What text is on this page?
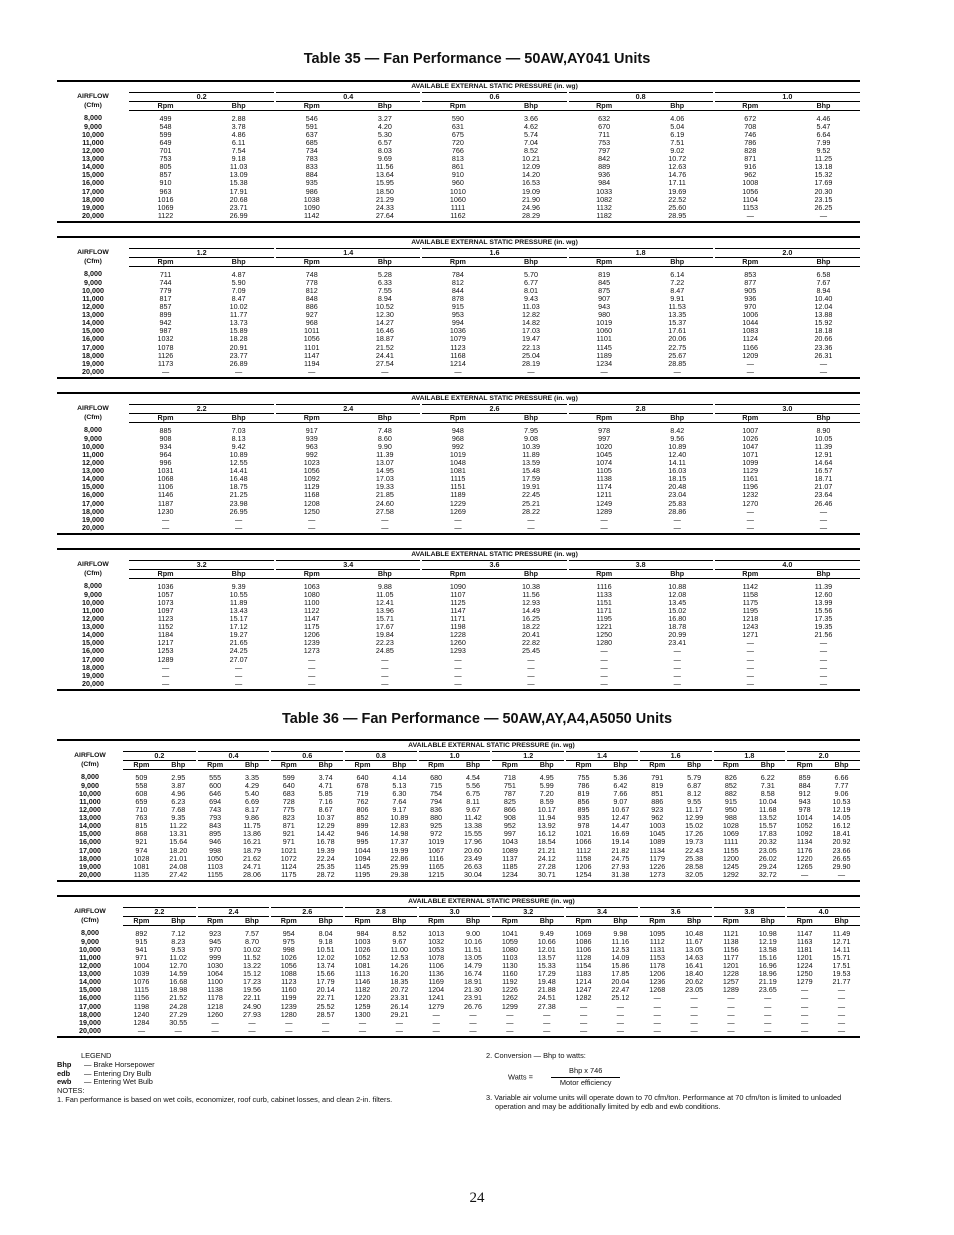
Table 35 — Fan Performance — 50AW,AY041 Units
AIRFLOW
(Cfm)	AVAILABLE EXTERNAL STATIC PRESSURE (in. wg)									
	0.2		0.4		0.6		0.8		1.0	
	Rpm	Bhp	Rpm	Bhp	Rpm	Bhp	Rpm	Bhp	Rpm	Bhp
8,000	499	2.88	546	3.27	590	3.66	632	4.06	672	4.46
9,000	548	3.78	591	4.20	631	4.62	670	5.04	708	5.47
10,000	599	4.86	637	5.30	675	5.74	711	6.19	746	6.64
11,000	649	6.11	685	6.57	720	7.04	753	7.51	786	7.99
12,000	701	7.54	734	8.03	766	8.52	797	9.02	828	9.52
13,000	753	9.18	783	9.69	813	10.21	842	10.72	871	11.25
14,000	805	11.03	833	11.56	861	12.09	889	12.63	916	13.18
15,000	857	13.09	884	13.64	910	14.20	936	14.76	962	15.32
16,000	910	15.38	935	15.95	960	16.53	984	17.11	1008	17.69
17,000	963	17.91	986	18.50	1010	19.09	1033	19.69	1056	20.30
18,000	1016	20.68	1038	21.29	1060	21.90	1082	22.52	1104	23.15
19,000	1069	23.71	1090	24.33	1111	24.96	1132	25.60	1153	26.25
20,000	1122	26.99	1142	27.64	1162	28.29	1182	28.95	—	—
AIRFLOW
(Cfm)	AVAILABLE EXTERNAL STATIC PRESSURE (in. wg)									
	1.2		1.4		1.6		1.8		2.0	
	Rpm	Bhp	Rpm	Bhp	Rpm	Bhp	Rpm	Bhp	Rpm	Bhp
8,000	711	4.87	748	5.28	784	5.70	819	6.14	853	6.58
9,000	744	5.90	778	6.33	812	6.77	845	7.22	877	7.67
10,000	779	7.09	812	7.55	844	8.01	875	8.47	905	8.94
11,000	817	8.47	848	8.94	878	9.43	907	9.91	936	10.40
12,000	857	10.02	886	10.52	915	11.03	943	11.53	970	12.04
13,000	899	11.77	927	12.30	953	12.82	980	13.35	1006	13.88
14,000	942	13.73	968	14.27	994	14.82	1019	15.37	1044	15.92
15,000	987	15.89	1011	16.46	1036	17.03	1060	17.61	1083	18.18
16,000	1032	18.28	1056	18.87	1079	19.47	1101	20.06	1124	20.66
17,000	1078	20.91	1101	21.52	1123	22.13	1145	22.75	1166	23.36
18,000	1126	23.77	1147	24.41	1168	25.04	1189	25.67	1209	26.31
19,000	1173	26.89	1194	27.54	1214	28.19	1234	28.85	—	—
20,000	—	—	—	—	—	—	—	—	—	—
AIRFLOW
(Cfm)	AVAILABLE EXTERNAL STATIC PRESSURE (in. wg)									
	2.2		2.4		2.6		2.8		3.0	
	Rpm	Bhp	Rpm	Bhp	Rpm	Bhp	Rpm	Bhp	Rpm	Bhp
8,000	885	7.03	917	7.48	948	7.95	978	8.42	1007	8.90
9,000	908	8.13	939	8.60	968	9.08	997	9.56	1026	10.05
10,000	934	9.42	963	9.90	992	10.39	1020	10.89	1047	11.39
11,000	964	10.89	992	11.39	1019	11.89	1045	12.40	1071	12.91
12,000	996	12.55	1023	13.07	1048	13.59	1074	14.11	1099	14.64
13,000	1031	14.41	1056	14.95	1081	15.48	1105	16.03	1129	16.57
14,000	1068	16.48	1092	17.03	1115	17.59	1138	18.15	1161	18.71
15,000	1106	18.75	1129	19.33	1151	19.91	1174	20.48	1196	21.07
16,000	1146	21.25	1168	21.85	1189	22.45	1211	23.04	1232	23.64
17,000	1187	23.98	1208	24.60	1229	25.21	1249	25.83	1270	26.46
18,000	1230	26.95	1250	27.58	1269	28.22	1289	28.86	—	—
19,000	—	—	—	—	—	—	—	—	—	—
20,000	—	—	—	—	—	—	—	—	—	—
AIRFLOW
(Cfm)	AVAILABLE EXTERNAL STATIC PRESSURE (in. wg)									
	3.2		3.4		3.6		3.8		4.0	
	Rpm	Bhp	Rpm	Bhp	Rpm	Bhp	Rpm	Bhp	Rpm	Bhp
8,000	1036	9.39	1063	9.88	1090	10.38	1116	10.88	1142	11.39
9,000	1057	10.55	1080	11.05	1107	11.56	1133	12.08	1158	12.60
10,000	1073	11.89	1100	12.41	1125	12.93	1151	13.45	1175	13.99
11,000	1097	13.43	1122	13.96	1147	14.49	1171	15.02	1195	15.56
12,000	1123	15.17	1147	15.71	1171	16.25	1195	16.80	1218	17.35
13,000	1152	17.12	1175	17.67	1198	18.22	1221	18.78	1243	19.35
14,000	1184	19.27	1206	19.84	1228	20.41	1250	20.99	1271	21.56
15,000	1217	21.65	1239	22.23	1260	22.82	1280	23.41	—	—
16,000	1253	24.25	1273	24.85	1293	25.45	—	—	—	—
17,000	1289	27.07	—	—	—	—	—	—	—	—
18,000	—	—	—	—	—	—	—	—	—	—
19,000	—	—	—	—	—	—	—	—	—	—
20,000	—	—	—	—	—	—	—	—	—	—
Table 36 — Fan Performance — 50AW,AY,A4,A5050 Units
AIRFLOW
(Cfm)	AVAILABLE EXTERNAL STATIC PRESSURE (in. wg)																			
	0.2		0.4		0.6		0.8		1.0		1.2		1.4		1.6		1.8		2.0	
	Rpm	Bhp	Rpm	Bhp	Rpm	Bhp	Rpm	Bhp	Rpm	Bhp	Rpm	Bhp	Rpm	Bhp	Rpm	Bhp	Rpm	Bhp	Rpm	Bhp
8,000	509	2.95	555	3.35	599	3.74	640	4.14	680	4.54	718	4.95	755	5.36	791	5.79	826	6.22	859	6.66
9,000	558	3.87	600	4.29	640	4.71	678	5.13	715	5.56	751	5.99	786	6.42	819	6.87	852	7.31	884	7.77
10,000	608	4.96	646	5.40	683	5.85	719	6.30	754	6.75	787	7.20	819	7.66	851	8.12	882	8.58	912	9.06
11,000	659	6.23	694	6.69	728	7.16	762	7.64	794	8.11	825	8.59	856	9.07	886	9.55	915	10.04	943	10.53
12,000	710	7.68	743	8.17	775	8.67	806	9.17	836	9.67	866	10.17	895	10.67	923	11.17	950	11.68	978	12.19
13,000	763	9.35	793	9.86	823	10.37	852	10.89	880	11.42	908	11.94	935	12.47	962	12.99	988	13.52	1014	14.05
14,000	815	11.22	843	11.75	871	12.29	899	12.83	925	13.38	952	13.92	978	14.47	1003	15.02	1028	15.57	1052	16.12
15,000	868	13.31	895	13.86	921	14.42	946	14.98	972	15.55	997	16.12	1021	16.69	1045	17.26	1069	17.83	1092	18.41
16,000	921	15.64	946	16.21	971	16.78	995	17.37	1019	17.96	1043	18.54	1066	19.14	1089	19.73	1111	20.32	1134	20.92
17,000	974	18.20	998	18.79	1021	19.39	1044	19.99	1067	20.60	1089	21.21	1112	21.82	1134	22.43	1155	23.05	1176	23.66
18,000	1028	21.01	1050	21.62	1072	22.24	1094	22.86	1116	23.49	1137	24.12	1158	24.75	1179	25.38	1200	26.02	1220	26.65
19,000	1081	24.08	1103	24.71	1124	25.35	1145	25.99	1165	26.63	1185	27.28	1206	27.93	1226	28.58	1245	29.24	1265	29.90
20,000	1135	27.42	1155	28.06	1175	28.72	1195	29.38	1215	30.04	1234	30.71	1254	31.38	1273	32.05	1292	32.72	—	—
AIRFLOW
(Cfm)	AVAILABLE EXTERNAL STATIC PRESSURE (in. wg)																			
	2.2		2.4		2.6		2.8		3.0		3.2		3.4		3.6		3.8		4.0	
	Rpm	Bhp	Rpm	Bhp	Rpm	Bhp	Rpm	Bhp	Rpm	Bhp	Rpm	Bhp	Rpm	Bhp	Rpm	Bhp	Rpm	Bhp	Rpm	Bhp
8,000	892	7.12	923	7.57	954	8.04	984	8.52	1013	9.00	1041	9.49	1069	9.98	1095	10.48	1121	10.98	1147	11.49
9,000	915	8.23	945	8.70	975	9.18	1003	9.67	1032	10.16	1059	10.66	1086	11.16	1112	11.67	1138	12.19	1163	12.71
10,000	941	9.53	970	10.02	998	10.51	1026	11.00	1053	11.51	1080	12.01	1106	12.53	1131	13.05	1156	13.58	1181	14.11
11,000	971	11.02	999	11.52	1026	12.02	1052	12.53	1078	13.05	1103	13.57	1128	14.09	1153	14.63	1177	15.16	1201	15.71
12,000	1004	12.70	1030	13.22	1056	13.74	1081	14.26	1106	14.79	1130	15.33	1154	15.86	1178	16.41	1201	16.96	1224	17.51
13,000	1039	14.59	1064	15.12	1088	15.66	1113	16.20	1136	16.74	1160	17.29	1183	17.85	1206	18.40	1228	18.96	1250	19.53
14,000	1076	16.68	1100	17.23	1123	17.79	1146	18.35	1169	18.91	1192	19.48	1214	20.04	1236	20.62	1257	21.19	1279	21.77
15,000	1115	18.98	1138	19.56	1160	20.14	1182	20.72	1204	21.30	1226	21.88	1247	22.47	1268	23.05	1289	23.65	—	—
16,000	1156	21.52	1178	22.11	1199	22.71	1220	23.31	1241	23.91	1262	24.51	1282	25.12	—	—	—	—	—	—
17,000	1198	24.28	1218	24.90	1239	25.52	1259	26.14	1279	26.76	1299	27.38	—	—	—	—	—	—	—	—
18,000	1240	27.29	1260	27.93	1280	28.57	1300	29.21	—	—	—	—	—	—	—	—	—	—	—	—
19,000	1284	30.55	—	—	—	—	—	—	—	—	—	—	—	—	—	—	—	—	—	—
20,000	—	—	—	—	—	—	—	—	—	—	—	—	—	—	—	—	—	—	—	—
LEGEND
Bhp — Brake Horsepower
edb — Entering Dry Bulb
ewb — Entering Wet Bulb
NOTES:
1. Fan performance is based on wet coils, economizer, roof curb, cabinet losses, and clean 2-in. filters.
2. Conversion — Bhp to watts:
Watts = $\frac{\text{Bhp x 746}}{\text{Motor efficiency}}$
3. Variable air volume units will operate down to 70 cfm/ton. Performance at 70 cfm/ton is limited to unloaded operation and may be additionally limited by edb and ewb conditions.
24
